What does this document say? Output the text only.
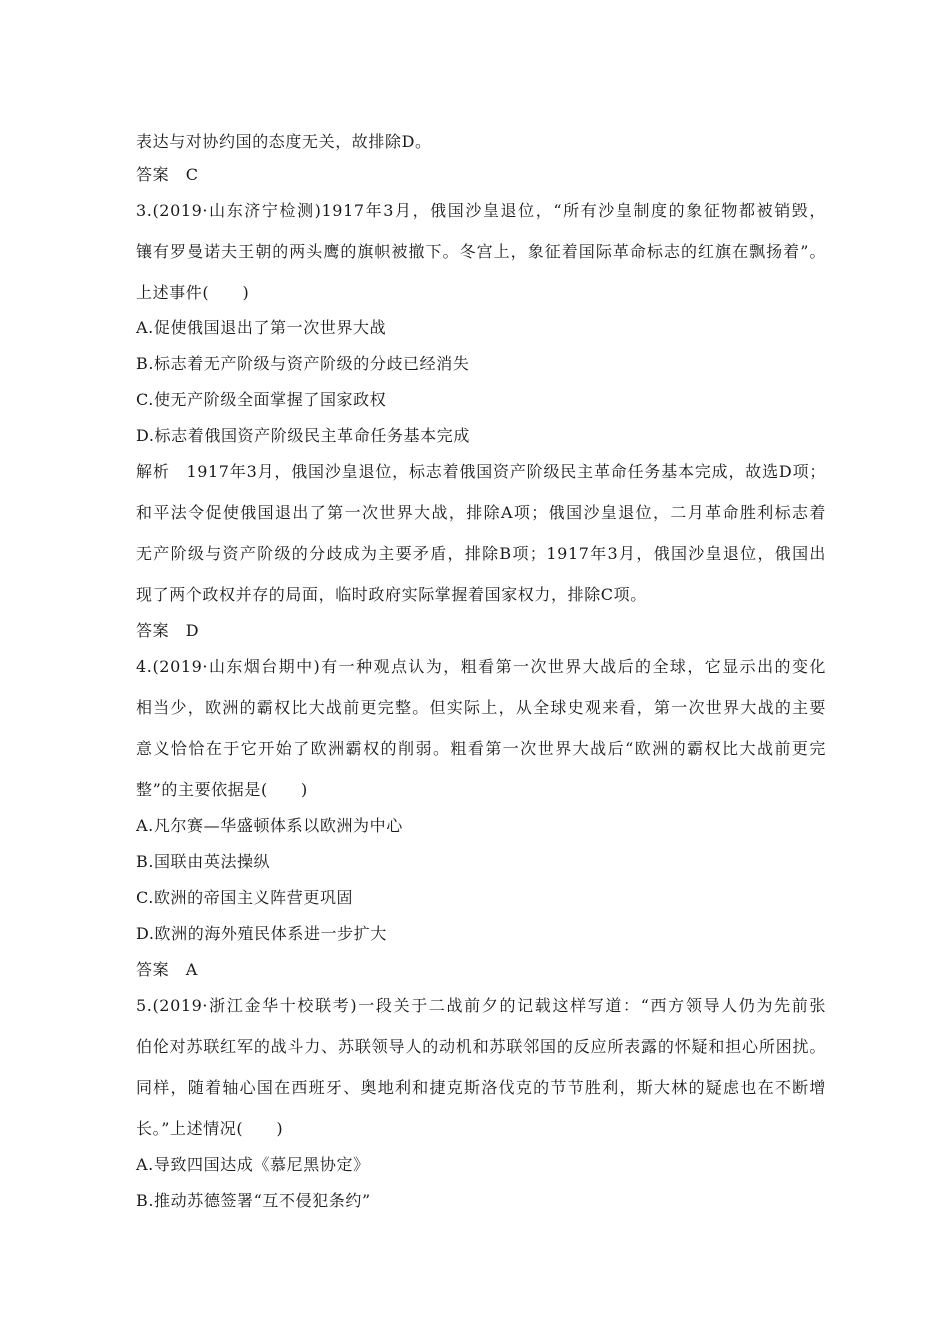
表达与对协约国的态度无关，故排除D。
答案　C
3.(2019·山东济宁检测)1917年3月，俄国沙皇退位，“所有沙皇制度的象征物都被销毁，
镶有罗曼诺夫王朝的两头鹰的旗帜被撤下。冬宫上，象征着国际革命标志的红旗在飘扬着”。
上述事件(　　)
A.促使俄国退出了第一次世界大战
B.标志着无产阶级与资产阶级的分歧已经消失
C.使无产阶级全面掌握了国家政权
D.标志着俄国资产阶级民主革命任务基本完成
解析　1917年3月，俄国沙皇退位，标志着俄国资产阶级民主革命任务基本完成，故选D项；
和平法令促使俄国退出了第一次世界大战，排除A项；俄国沙皇退位，二月革命胜利标志着
无产阶级与资产阶级的分歧成为主要矛盾，排除B项；1917年3月，俄国沙皇退位，俄国出
现了两个政权并存的局面，临时政府实际掌握着国家权力，排除C项。
答案　D
4.(2019·山东烟台期中)有一种观点认为，粗看第一次世界大战后的全球，它显示出的变化
相当少，欧洲的霸权比大战前更完整。但实际上，从全球史观来看，第一次世界大战的主要
意义恰恰在于它开始了欧洲霸权的削弱。粗看第一次世界大战后“欧洲的霸权比大战前更完
整”的主要依据是(　　)
A.凡尔赛—华盛顿体系以欧洲为中心
B.国联由英法操纵
C.欧洲的帝国主义阵营更巩固
D.欧洲的海外殖民体系进一步扩大
答案　A
5.(2019·浙江金华十校联考)一段关于二战前夕的记载这样写道：“西方领导人仍为先前张
伯伦对苏联红军的战斗力、苏联领导人的动机和苏联邻国的反应所表露的怀疑和担心所困扰。
同样，随着轴心国在西班牙、奥地利和捷克斯洛伐克的节节胜利，斯大林的疑虑也在不断增
长。”上述情况(　　)
A.导致四国达成《慕尼黑协定》
B.推动苏德签署“互不侵犯条约”
